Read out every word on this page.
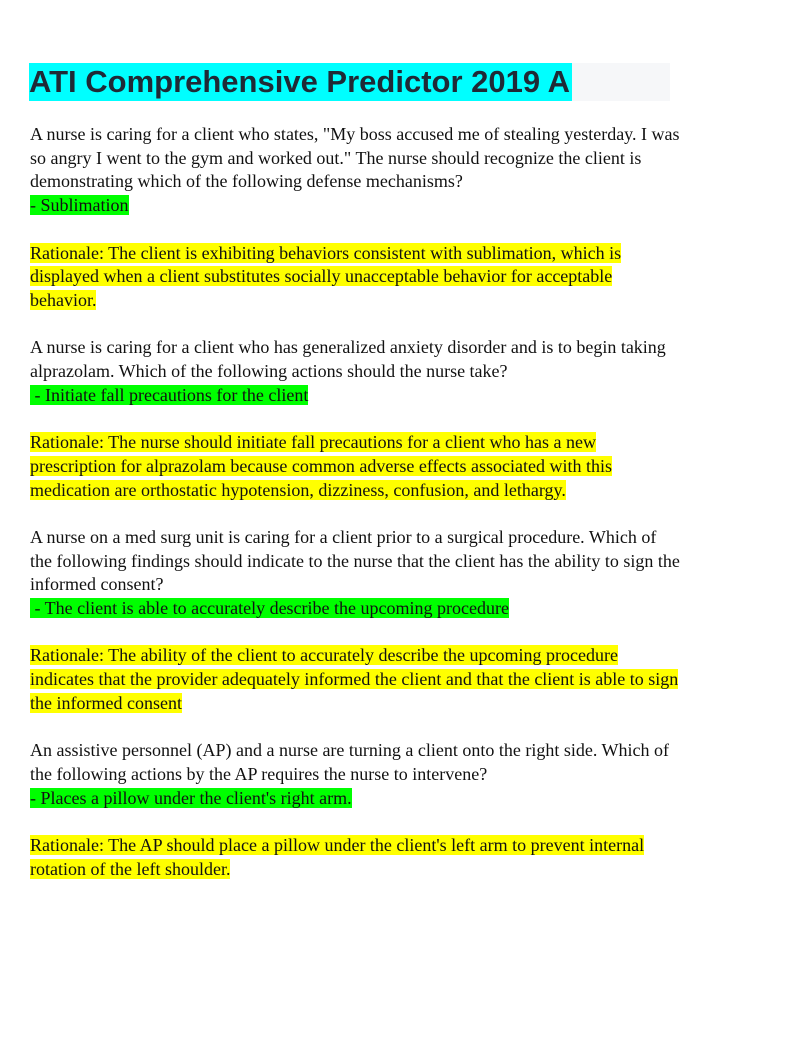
ATI Comprehensive Predictor 2019 A

A nurse is caring for a client who states, "My boss accused me of stealing yesterday. I was so angry I went to the gym and worked out." The nurse should recognize the client is demonstrating which of the following defense mechanisms?

- Sublimation

Rationale: The client is exhibiting behaviors consistent with sublimation, which is displayed when a client substitutes socially unacceptable behavior for acceptable behavior.

A nurse is caring for a client who has generalized anxiety disorder and is to begin taking alprazolam. Which of the following actions should the nurse take?

- Initiate fall precautions for the client

Rationale: The nurse should initiate fall precautions for a client who has a new prescription for alprazolam because common adverse effects associated with this medication are orthostatic hypotension, dizziness, confusion, and lethargy.

A nurse on a med surg unit is caring for a client prior to a surgical procedure. Which of the following findings should indicate to the nurse that the client has the ability to sign the informed consent?

- The client is able to accurately describe the upcoming procedure

Rationale: The ability of the client to accurately describe the upcoming procedure indicates that the provider adequately informed the client and that the client is able to sign the informed consent

An assistive personnel (AP) and a nurse are turning a client onto the right side. Which of the following actions by the AP requires the nurse to intervene?

- Places a pillow under the client's right arm.

Rationale: The AP should place a pillow under the client's left arm to prevent internal rotation of the left shoulder.
